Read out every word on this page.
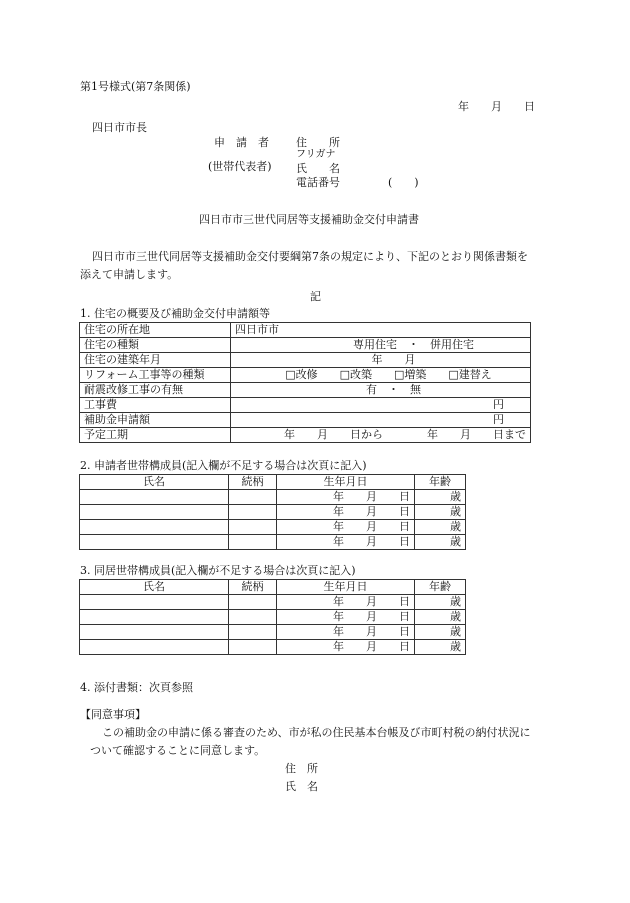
第1号様式(第7条関係)
年　　月　　日
四日市市長
申　請　者
(世帯代表者)
住　　所
フリガナ
氏　　名
電話番号	(　　)
四日市市三世代同居等支援補助金交付申請書
四日市市三世代同居等支援補助金交付要綱第7条の規定により、下記のとおり関係書類を
添えて申請します。
記
1. 住宅の概要及び補助金交付申請額等
住宅の所在地	四日市市
住宅の種類	専用住宅　・　併用住宅
住宅の建築年月	年　　月
リフォーム工事等の種類	□改修　　□改築　　□増築　　□建替え
耐震改修工事の有無	有　・　無
工事費	円
補助金申請額	円
予定工期	年　　月　　日から　　　　年　　月　　日まで
2. 申請者世帯構成員(記入欄が不足する場合は次頁に記入)
氏名	続柄	生年月日	年齢
		年　　月　　日	歳
		年　　月　　日	歳
		年　　月　　日	歳
		年　　月　　日	歳
3. 同居世帯構成員(記入欄が不足する場合は次頁に記入)
氏名	続柄	生年月日	年齢
		年　　月　　日	歳
		年　　月　　日	歳
		年　　月　　日	歳
		年　　月　　日	歳
4. 添付書類：次頁参照
【同意事項】
この補助金の申請に係る審査のため、市が私の住民基本台帳及び市町村税の納付状況に
ついて確認することに同意します。
住　所
氏　名
